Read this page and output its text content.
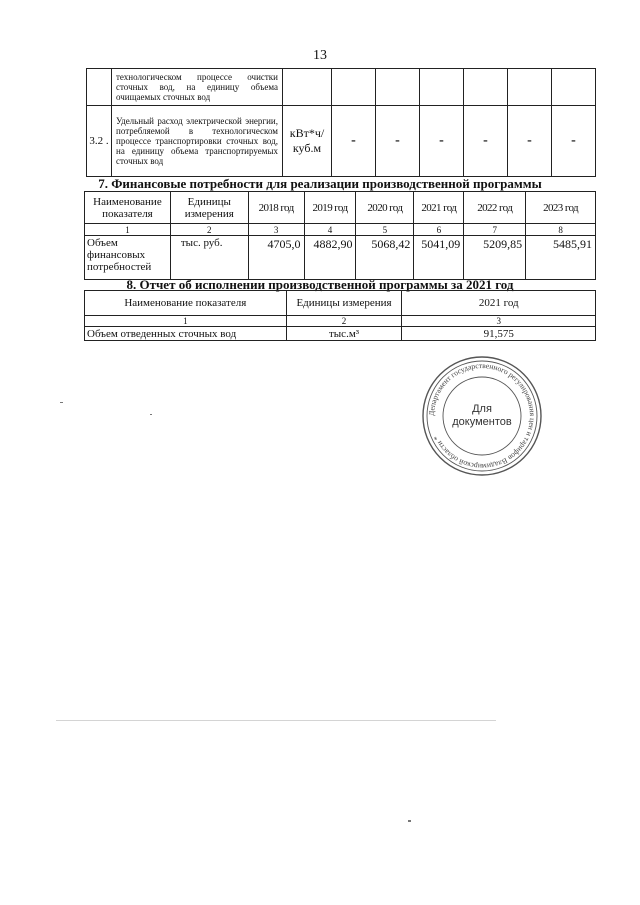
13
	технологическом процессе очистки сточных вод, на единицу объема очищаемых сточных вод							
3.2 .	Удельный расход электрической энергии, потребляемой в технологическом процессе транспортировки сточных вод, на единицу объема транспортируемых сточных вод	кВт*ч/ куб.м	-	-	-	-	-	-
7. Финансовые потребности для реализации производственной программы
Наименование показателя	Единицы измерения	2018 год	2019 год	2020 год	2021 год	2022 год	2023 год
1	2	3	4	5	6	7	8
Объем финансовых потребностей	тыс. руб.	4705,0	4882,90	5068,42	5041,09	5209,85	5485,91
8. Отчет об исполнении производственной программы за 2021 год
Наименование показателя	Единицы измерения	2021 год
1	2	3
Объем отведенных сточных вод	тыс.м³	91,575
Департамент государственного регулирования цен и тарифов Владимирской области *
Для
документов
